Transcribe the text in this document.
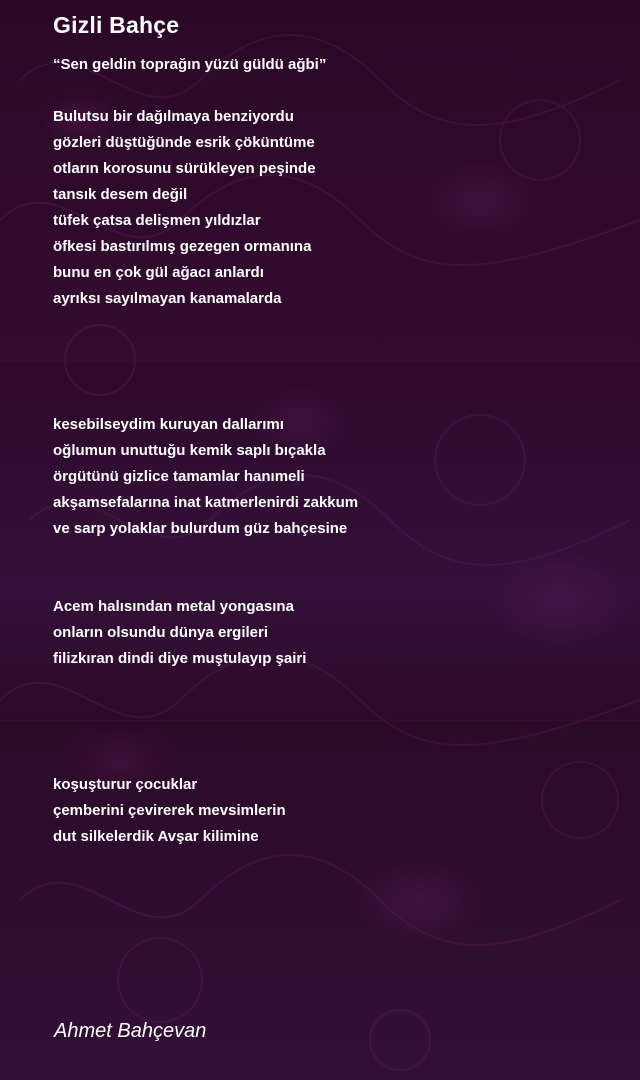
Gizli Bahçe
“Sen geldin toprağın yüzü güldü ağbi”
Bulutsu bir dağılmaya benziyordu
gözleri düştüğünde esrik çöküntüme
otların korosunu sürükleyen peşinde
tansık desem değil
tüfek çatsa delişmen yıldızlar
öfkesi bastırılmış gezegen ormanına
bunu en çok gül ağacı anlardı
ayrıksı sayılmayan kanamalarda
kesebilseydim kuruyan dallarımı
oğlumun unuttuğu kemik saplı bıçakla
örgütünü gizlice tamamlar hanımeli
akşamsefalarına inat katmerlenirdi zakkum
ve sarp yolaklar bulurdum güz bahçesine
Acem halısından metal yongasına
onların olsundu dünya ergileri
filizkıran dindi diye muştulayıp şairi
koşuşturur çocuklar
çemberini çevirerek mevsimlerin
dut silkelerdik Avşar kilimine
Ahmet Bahçevan
